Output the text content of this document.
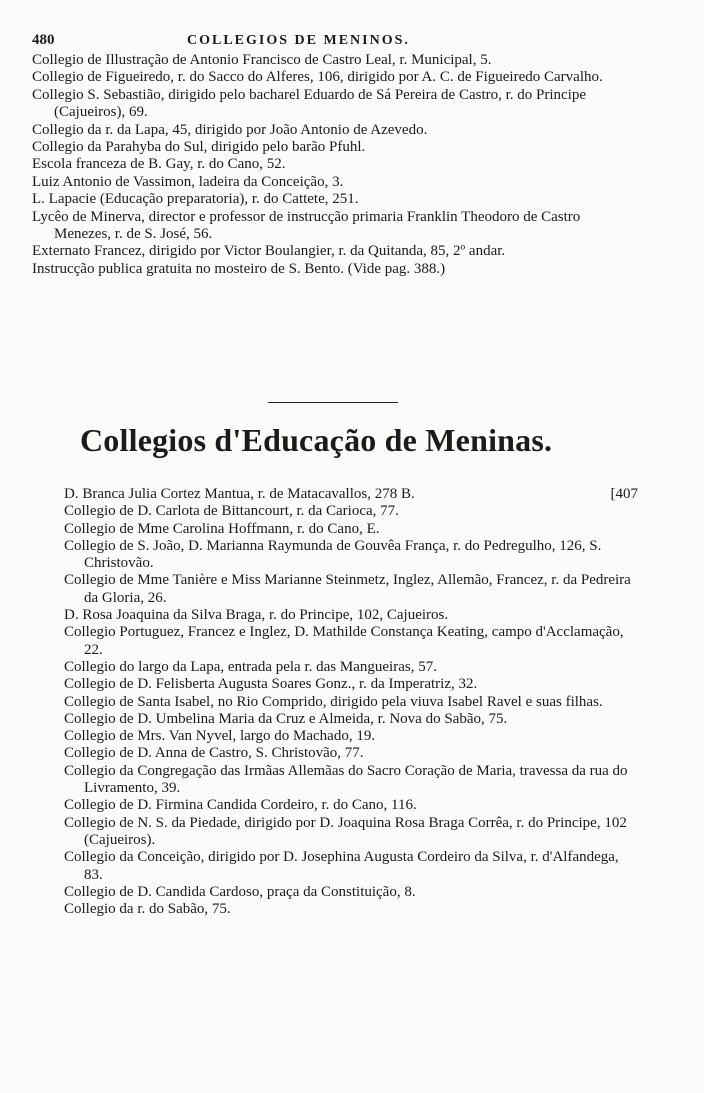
480	COLLEGIOS DE MENINOS.

Collegio de Illustração de Antonio Francisco de Castro Leal, r. Municipal, 5.

Collegio de Figueiredo, r. do Sacco do Alferes, 106, dirigido por A. C. de Figueiredo Carvalho.

Collegio S. Sebastião, dirigido pelo bacharel Eduardo de Sá Pereira de Castro, r. do Principe (Cajueiros), 69.

Collegio da r. da Lapa, 45, dirigido por João Antonio de Azevedo.

Collegio da Parahyba do Sul, dirigido pelo barão Pfuhl.

Escola franceza de B. Gay, r. do Cano, 52.

Luiz Antonio de Vassimon, ladeira da Conceição, 3.

L. Lapacie (Educação preparatoria), r. do Cattete, 251.

Lycêo de Minerva, director e professor de instrucção primaria Franklin Theodoro de Castro Menezes, r. de S. José, 56.

Externato Francez, dirigido por Victor Boulangier, r. da Quitanda, 85, 2º andar.

Instrucção publica gratuita no mosteiro de S. Bento. (Vide pag. 388.)

Collegios d'Educação de Meninas.

[407
D. Branca Julia Cortez Mantua, r. de Matacavallos, 278 B.

Collegio de D. Carlota de Bittancourt, r. da Carioca, 77.

Collegio de Mme Carolina Hoffmann, r. do Cano, E.

Collegio de S. João, D. Marianna Raymunda de Gouvêa França, r. do Pedregulho, 126, S. Christovão.

Collegio de Mme Tanière e Miss Marianne Steinmetz, Inglez, Allemão, Francez, r. da Pedreira da Gloria, 26.

D. Rosa Joaquina da Silva Braga, r. do Principe, 102, Cajueiros.

Collegio Portuguez, Francez e Inglez, D. Mathilde Constança Keating, campo d'Acclamação, 22.

Collegio do largo da Lapa, entrada pela r. das Mangueiras, 57.

Collegio de D. Felisberta Augusta Soares Gonz., r. da Imperatriz, 32.

Collegio de Santa Isabel, no Rio Comprido, dirigido pela viuva Isabel Ravel e suas filhas.

Collegio de D. Umbelina Maria da Cruz e Almeida, r. Nova do Sabão, 75.

Collegio de Mrs. Van Nyvel, largo do Machado, 19.

Collegio de D. Anna de Castro, S. Christovão, 77.

Collegio da Congregação das Irmãas Allemãas do Sacro Coração de Maria, travessa da rua do Livramento, 39.

Collegio de D. Firmina Candida Cordeiro, r. do Cano, 116.

Collegio de N. S. da Piedade, dirigido por D. Joaquina Rosa Braga Corrêa, r. do Principe, 102 (Cajueiros).

Collegio da Conceição, dirigido por D. Josephina Augusta Cordeiro da Silva, r. d'Alfandega, 83.

Collegio de D. Candida Cardoso, praça da Constituição, 8.

Collegio da r. do Sabão, 75.
